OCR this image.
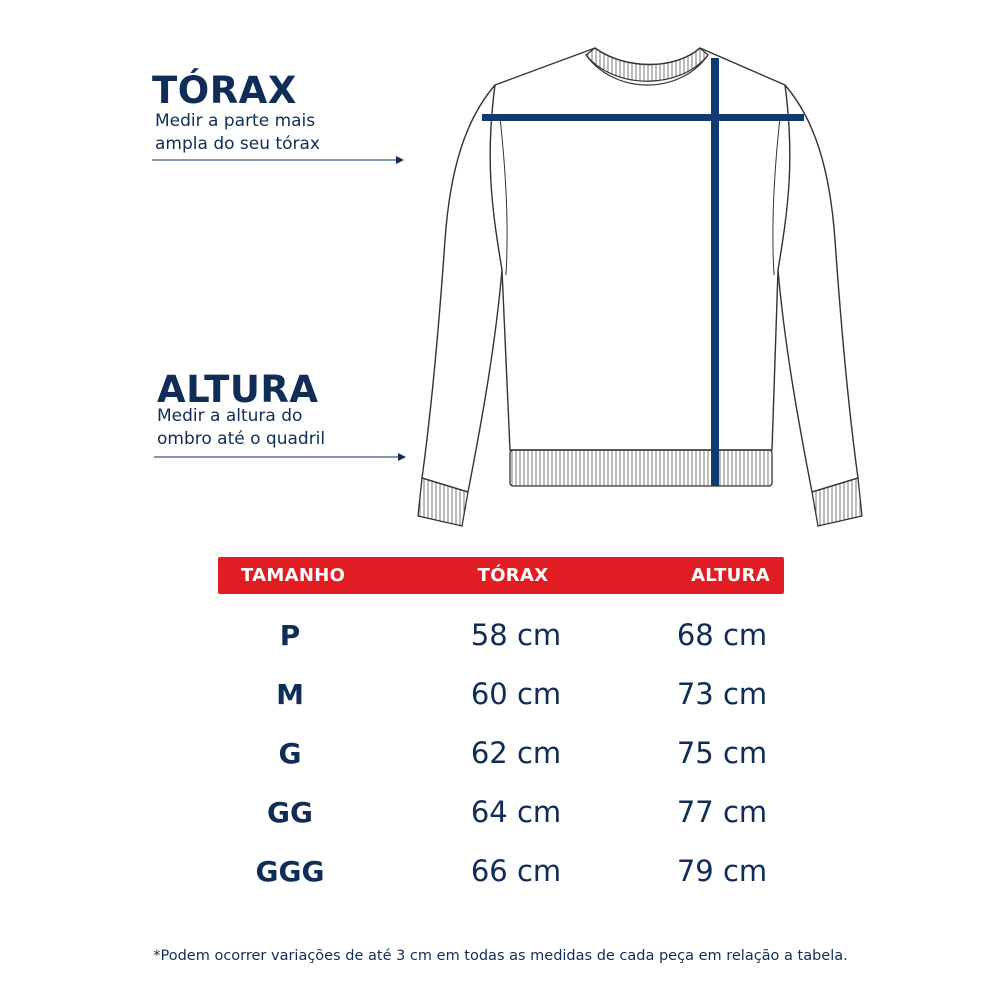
TÓRAX
Medir a parte mais
ampla do seu tórax
ALTURA
Medir a altura do
ombro até o quadril
TAMANHO	TÓRAX	ALTURA
P	58 cm	68 cm
M	60 cm	73 cm
G	62 cm	75 cm
GG	64 cm	77 cm
GGG	66 cm	79 cm
*Podem ocorrer variações de até 3 cm em todas as medidas de cada peça em relação a tabela.
